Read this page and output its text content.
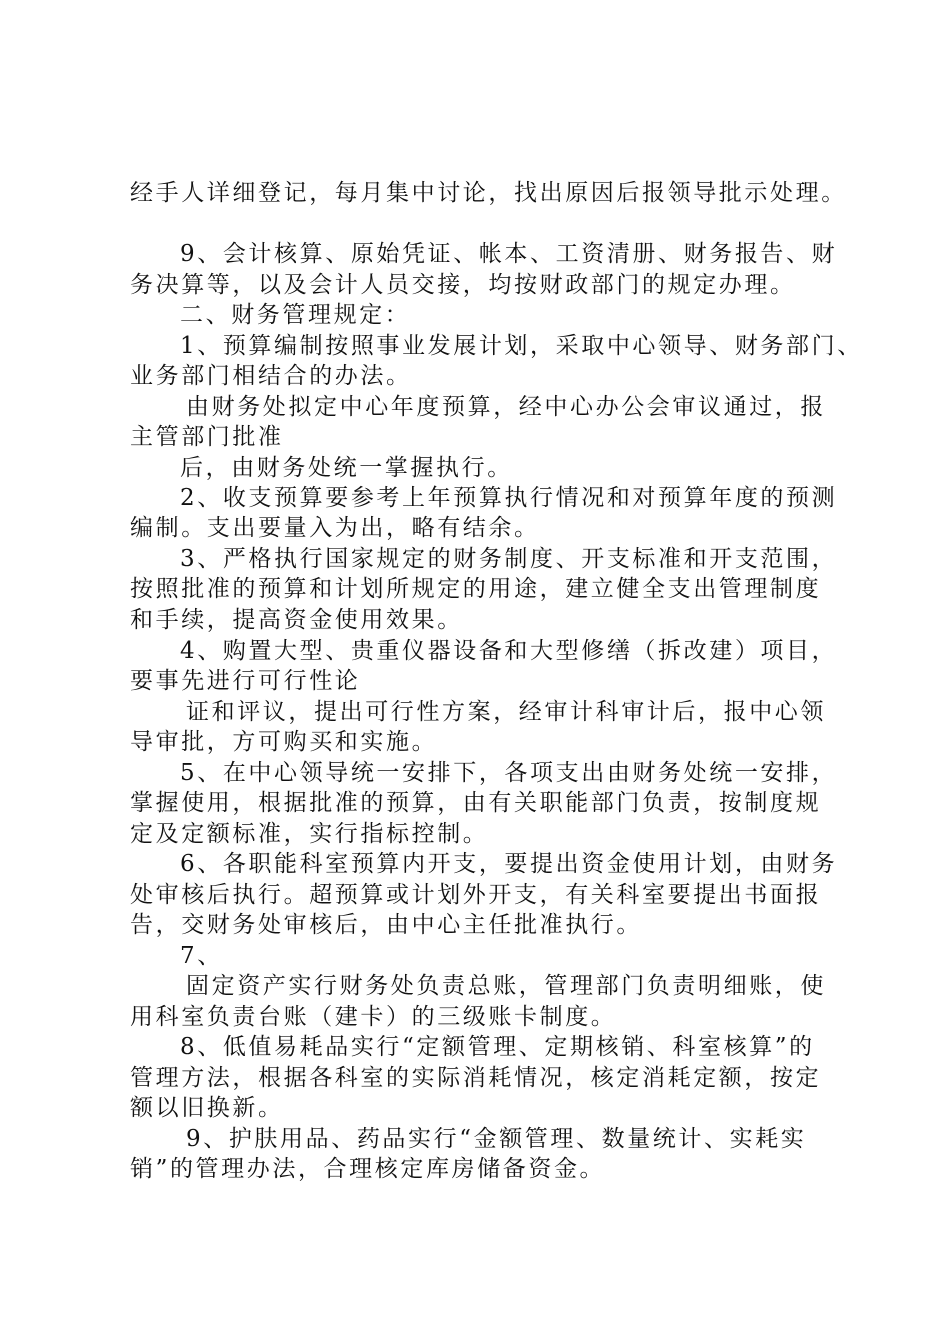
经手人详细登记，每月集中讨论，找出原因后报领导批示处理。
9、会计核算、原始凭证、帐本、工资清册、财务报告、财
务决算等，以及会计人员交接，均按财政部门的规定办理。
二、财务管理规定：
1、预算编制按照事业发展计划，采取中心领导、财务部门、
业务部门相结合的办法。
由财务处拟定中心年度预算，经中心办公会审议通过，报
主管部门批准
后，由财务处统一掌握执行。
2、收支预算要参考上年预算执行情况和对预算年度的预测
编制。支出要量入为出，略有结余。
3、严格执行国家规定的财务制度、开支标准和开支范围，
按照批准的预算和计划所规定的用途，建立健全支出管理制度
和手续，提高资金使用效果。
4、购置大型、贵重仪器设备和大型修缮（拆改建）项目，
要事先进行可行性论
证和评议，提出可行性方案，经审计科审计后，报中心领
导审批，方可购买和实施。
5、在中心领导统一安排下，各项支出由财务处统一安排，
掌握使用，根据批准的预算，由有关职能部门负责，按制度规
定及定额标准，实行指标控制。
6、各职能科室预算内开支，要提出资金使用计划，由财务
处审核后执行。超预算或计划外开支，有关科室要提出书面报
告，交财务处审核后，由中心主任批准执行。
7、
固定资产实行财务处负责总账，管理部门负责明细账，使
用科室负责台账（建卡）的三级账卡制度。
8、低值易耗品实行“定额管理、定期核销、科室核算”的
管理方法，根据各科室的实际消耗情况，核定消耗定额，按定
额以旧换新。
9、护肤用品、药品实行“金额管理、数量统计、实耗实
销”的管理办法，合理核定库房储备资金。
